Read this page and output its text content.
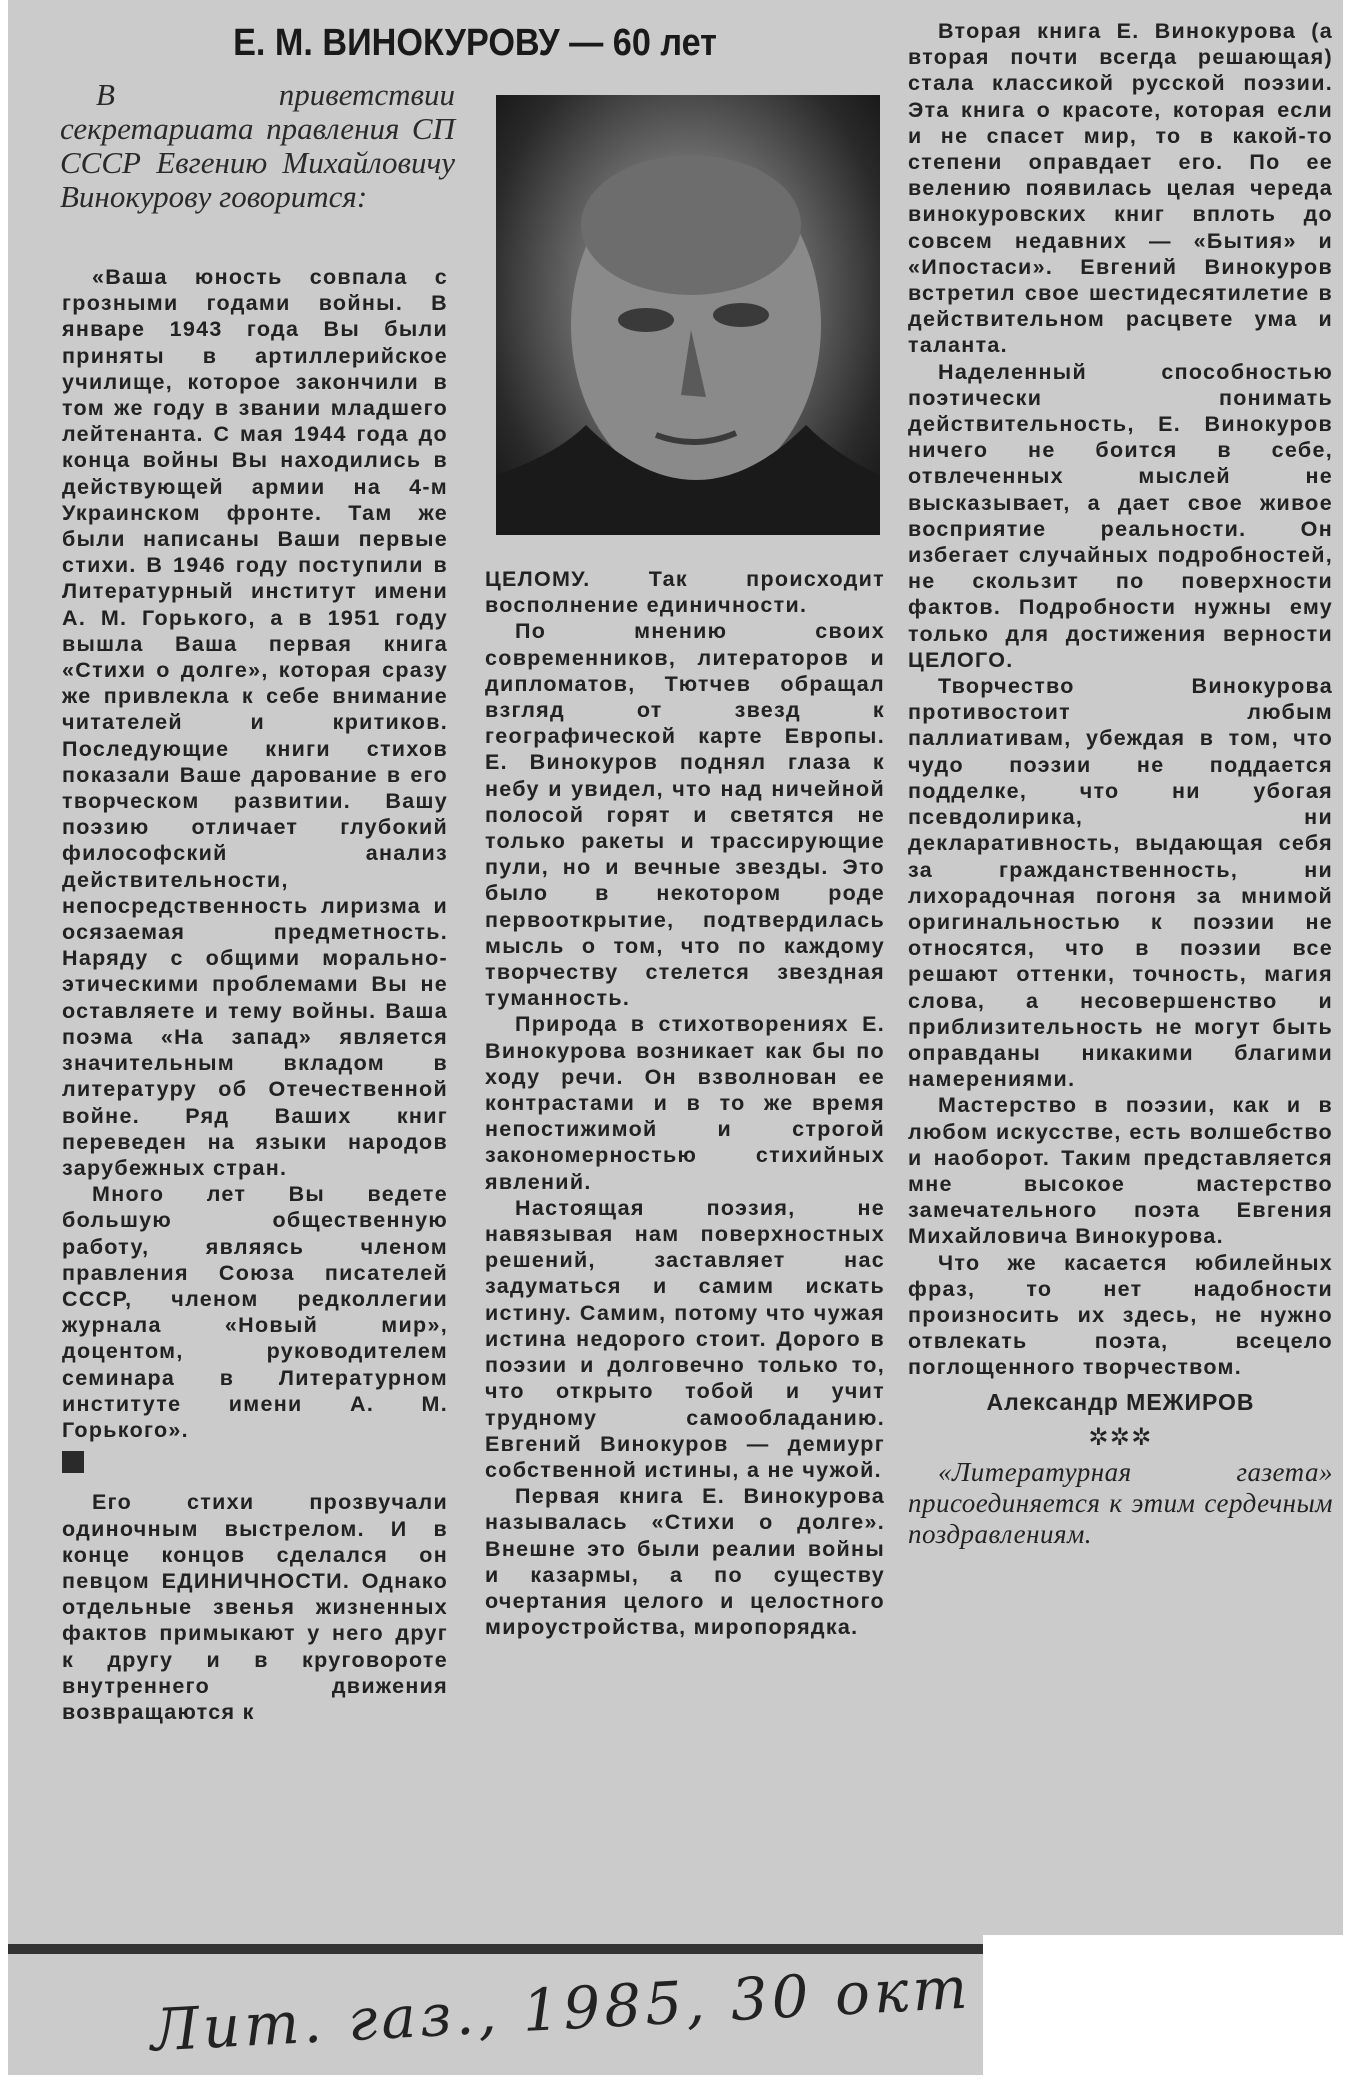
Е. М. ВИНОКУРОВУ — 60 лет
В приветствии секретариата правления СП СССР Евгению Михайловичу Винокурову говорится:

«Ваша юность совпала с грозными годами войны. В январе 1943 года Вы были приняты в артиллерийское училище, которое закончили в том же году в звании младшего лейтенанта. С мая 1944 года до конца войны Вы находились в действующей армии на 4-м Украинском фронте. Там же были написаны Ваши первые стихи. В 1946 году поступили в Литературный институт имени А. М. Горького, а в 1951 году вышла Ваша первая книга «Стихи о долге», которая сразу же привлекла к себе внимание читателей и критиков. Последующие книги стихов показали Ваше дарование в его творческом развитии. Вашу поэзию отличает глубокий философский анализ действительности, непосредственность лиризма и осязаемая предметность. Наряду с общими морально-этическими проблемами Вы не оставляете и тему войны. Ваша поэма «На запад» является значительным вкладом в литературу об Отечественной войне. Ряд Ваших книг переведен на языки народов зарубежных стран.

Много лет Вы ведете большую общественную работу, являясь членом правления Союза писателей СССР, членом редколлегии журнала «Новый мир», доцентом, руководителем семинара в Литературном институте имени А. М. Горького».

Его стихи прозвучали одиночным выстрелом. И в конце концов сделался он певцом ЕДИНИЧНОСТИ. Однако отдельные звенья жизненных фактов примыкают у него друг к другу и в круговороте внутреннего движения возвращаются к

ЦЕЛОМУ. Так происходит восполнение единичности.

По мнению своих современников, литераторов и дипломатов, Тютчев обращал взгляд от звезд к географической карте Европы. Е. Винокуров поднял глаза к небу и увидел, что над ничейной полосой горят и светятся не только ракеты и трассирующие пули, но и вечные звезды. Это было в некотором роде первооткрытие, подтвердилась мысль о том, что по каждому творчеству стелется звездная туманность.

Природа в стихотворениях Е. Винокурова возникает как бы по ходу речи. Он взволнован ее контрастами и в то же время непостижимой и строгой закономерностью стихийных явлений.

Настоящая поэзия, не навязывая нам поверхностных решений, заставляет нас задуматься и самим искать истину. Самим, потому что чужая истина недорого стоит. Дорого в поэзии и долговечно только то, что открыто тобой и учит трудному самообладанию. Евгений Винокуров — демиург собственной истины, а не чужой.

Первая книга Е. Винокурова называлась «Стихи о долге». Внешне это были реалии войны и казармы, а по существу очертания целого и целостного мироустройства, миропорядка.

Вторая книга Е. Винокурова (а вторая почти всегда решающая) стала классикой русской поэзии. Эта книга о красоте, которая если и не спасет мир, то в какой-то степени оправдает его. По ее велению появилась целая череда винокуровских книг вплоть до совсем недавних — «Бытия» и «Ипостаси». Евгений Винокуров встретил свое шестидесятилетие в действительном расцвете ума и таланта.

Наделенный способностью поэтически понимать действительность, Е. Винокуров ничего не боится в себе, отвлеченных мыслей не высказывает, а дает свое живое восприятие реальности. Он избегает случайных подробностей, не скользит по поверхности фактов. Подробности нужны ему только для достижения верности ЦЕЛОГО.

Творчество Винокурова противостоит любым паллиативам, убеждая в том, что чудо поэзии не поддается подделке, что ни убогая псевдолирика, ни декларативность, выдающая себя за гражданственность, ни лихорадочная погоня за мнимой оригинальностью к поэзии не относятся, что в поэзии все решают оттенки, точность, магия слова, а несовершенство и приблизительность не могут быть оправданы никакими благими намерениями.

Мастерство в поэзии, как и в любом искусстве, есть волшебство и наоборот. Таким представляется мне высокое мастерство замечательного поэта Евгения Михайловича Винокурова.

Что же касается юбилейных фраз, то нет надобности произносить их здесь, не нужно отвлекать поэта, всецело поглощенного творчеством.

Александр МЕЖИРОВ
✲✲✲

«Литературная газета» присоединяется к этим сердечным поздравлениям.

Лит. газ., 1985, 30 окт
